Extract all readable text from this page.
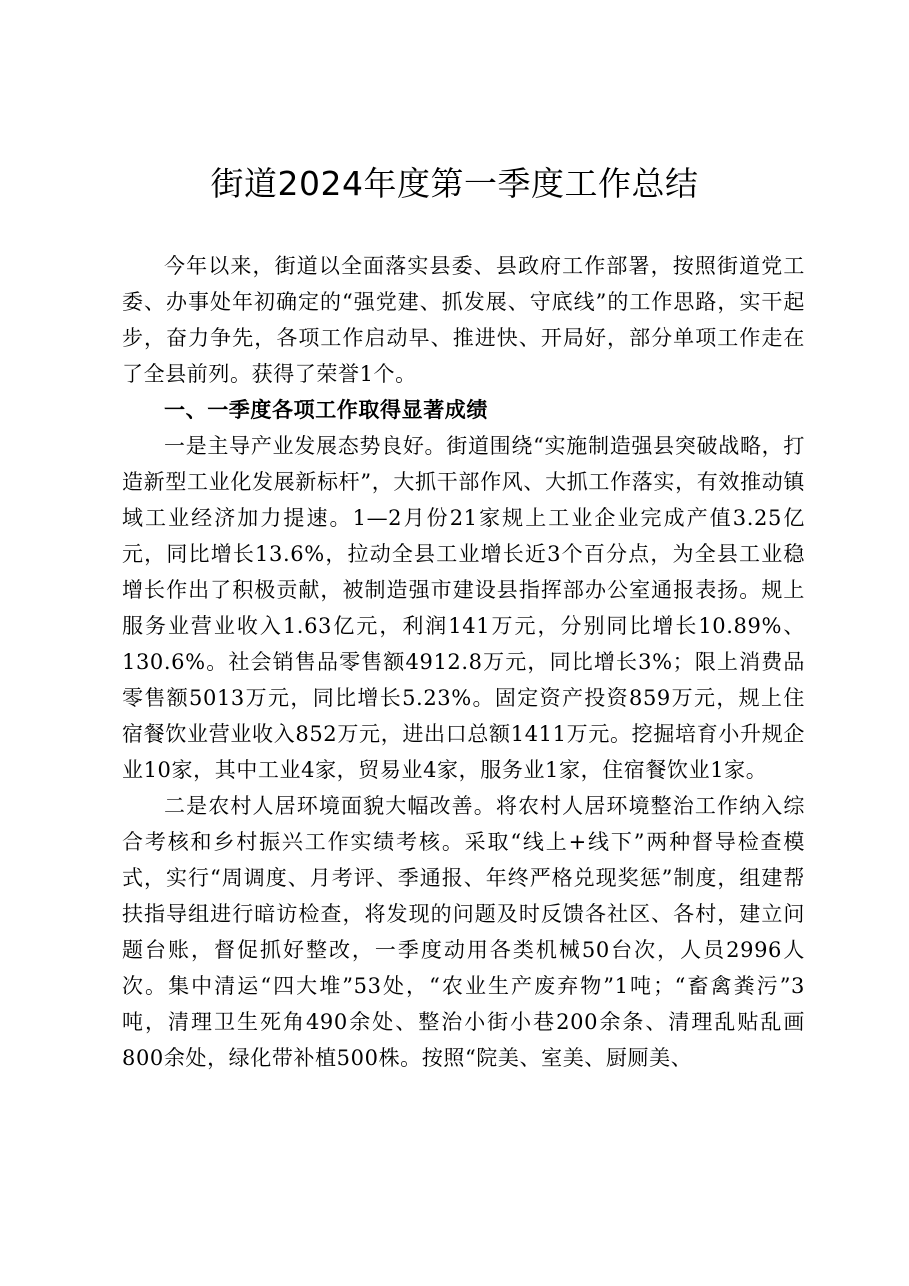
街道2024年度第一季度工作总结

今年以来，街道以全面落实县委、县政府工作部署，按照街道党工委、办事处年初确定的“强党建、抓发展、守底线”的工作思路，实干起步，奋力争先，各项工作启动早、推进快、开局好，部分单项工作走在了全县前列。获得了荣誉1个。

一、一季度各项工作取得显著成绩

一是主导产业发展态势良好。街道围绕“实施制造强县突破战略，打造新型工业化发展新标杆”，大抓干部作风、大抓工作落实，有效推动镇域工业经济加力提速。1—2月份21家规上工业企业完成产值3.25亿元，同比增长13.6%，拉动全县工业增长近3个百分点，为全县工业稳增长作出了积极贡献，被制造强市建设县指挥部办公室通报表扬。规上服务业营业收入1.63亿元，利润141万元，分别同比增长10.89%、130.6%。社会销售品零售额4912.8万元，同比增长3%；限上消费品零售额5013万元，同比增长5.23%。固定资产投资859万元，规上住宿餐饮业营业收入852万元，进出口总额1411万元。挖掘培育小升规企业10家，其中工业4家，贸易业4家，服务业1家，住宿餐饮业1家。

二是农村人居环境面貌大幅改善。将农村人居环境整治工作纳入综合考核和乡村振兴工作实绩考核。采取“线上+线下”两种督导检查模式，实行“周调度、月考评、季通报、年终严格兑现奖惩”制度，组建帮扶指导组进行暗访检查，将发现的问题及时反馈各社区、各村，建立问题台账，督促抓好整改，一季度动用各类机械50台次，人员2996人次。集中清运“四大堆”53处，“农业生产废弃物”1吨；“畜禽粪污”3吨，清理卫生死角490余处、整治小街小巷200余条、清理乱贴乱画800余处，绿化带补植500株。按照“院美、室美、厨厕美、
